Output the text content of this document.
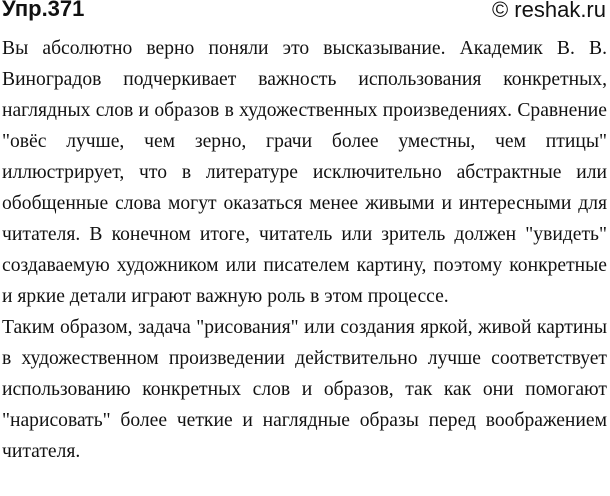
Упр.371	© reshak.ru

Вы абсолютно верно поняли это высказывание. Академик В. В. Виноградов подчеркивает важность использования конкретных, наглядных слов и образов в художественных произведениях. Сравнение "овёс лучше, чем зерно, грачи более уместны, чем птицы" иллюстрирует, что в литературе исключительно абстрактные или обобщенные слова могут оказаться менее живыми и интересными для читателя. В конечном итоге, читатель или зритель должен "увидеть" создаваемую художником или писателем картину, поэтому конкретные и яркие детали играют важную роль в этом процессе.

Таким образом, задача "рисования" или создания яркой, живой картины в художественном произведении действительно лучше соответствует использованию конкретных слов и образов, так как они помогают "нарисовать" более четкие и наглядные образы перед воображением читателя.
